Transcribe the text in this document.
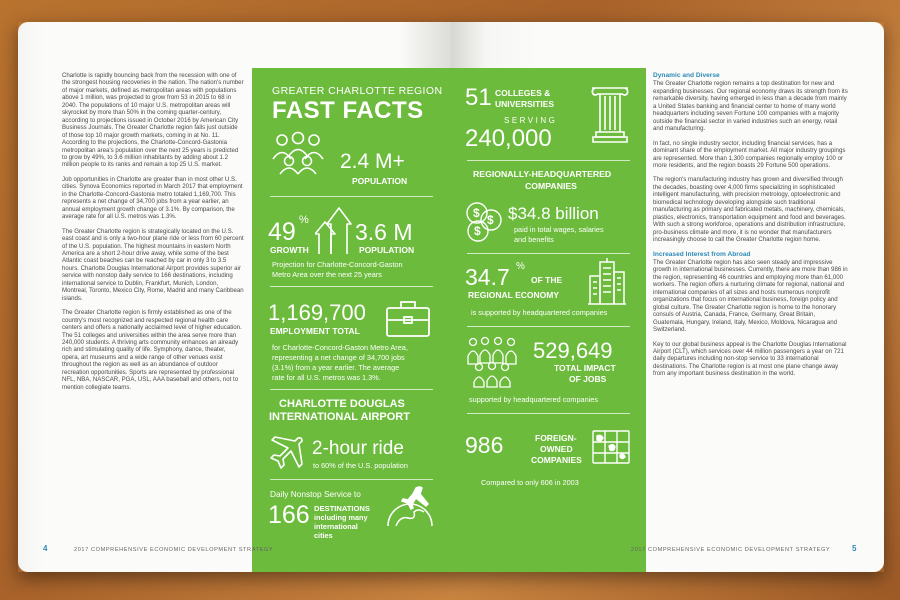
Charlotte is rapidly bouncing back from the recession with one of the strongest housing recoveries in the nation. The nation's number of major markets, defined as metropolitan areas with populations above 1 million, was projected to grow from 53 in 2015 to 68 in 2040. The populations of 10 major U.S. metropolitan areas will skyrocket by more than 50% in the coming quarter-century, according to projections issued in October 2016 by American City Business Journals. The Greater Charlotte region falls just outside of those top 10 major growth markets, coming in at No. 11. According to the projections, the Charlotte-Concord-Gastonia metropolitan area's population over the next 25 years is predicted to grow by 49%, to 3.6 million inhabitants by adding about 1.2 million people to its ranks and remain a top 25 U.S. market.

Job opportunities in Charlotte are greater than in most other U.S. cities. Synova Economics reported in March 2017 that employment in the Charlotte-Concord-Gastonia metro totaled 1,169,700. This represents a net change of 34,700 jobs from a year earlier, an annual employment growth change of 3.1%. By comparison, the average rate for all U.S. metros was 1.3%.

The Greater Charlotte region is strategically located on the U.S. east coast and is only a two-hour plane ride or less from 60 percent of the U.S. population. The highest mountains in eastern North America are a short 2-hour drive away, while some of the best Atlantic coast beaches can be reached by car in only 3 to 3.5 hours. Charlotte Douglas International Airport provides superior air service with nonstop daily service to 166 destinations, including international service to Dublin, Frankfurt, Munich, London, Montreal, Toronto, Mexico City, Rome, Madrid and many Caribbean islands.

The Greater Charlotte region is firmly established as one of the country's most recognized and respected regional health care centers and offers a nationally acclaimed level of higher education. The 51 colleges and universities within the area serve more than 240,000 students. A thriving arts community enhances an already rich and stimulating quality of life. Symphony, dance, theater, opera, art museums and a wide range of other venues exist throughout the region as well as an abundance of outdoor recreation opportunities. Sports are represented by professional NFL, NBA, NASCAR, PGA, USL, AAA baseball and others, not to mention collegiate teams.

GREATER CHARLOTTE REGION
FAST FACTS
2.4 M+
POPULATION
49 %
GROWTH
3.6 M
POPULATION
Projection for Charlotte-Concord-Gaston
Metro Area over the next 25 years
1,169,700
EMPLOYMENT TOTAL
for Charlotte-Concord-Gaston Metro Area,
representing a net change of 34,700 jobs
(3.1%) from a year earlier. The average
rate for all U.S. metros was 1.3%.
CHARLOTTE DOUGLAS
INTERNATIONAL AIRPORT
2-hour ride
to 60% of the U.S. population
Daily Nonstop Service to
166 DESTINATIONS
including many
international
cities
4	2017 COMPREHENSIVE ECONOMIC DEVELOPMENT STRATEGY
51 COLLEGES &
UNIVERSITIES
SERVING
240,000
REGIONALLY-HEADQUARTERED
COMPANIES
$ $
$
$34.8 billion
paid in total wages, salaries
and benefits
34.7 %
OF THE
REGIONAL ECONOMY
is supported by headquartered companies
529,649
TOTAL IMPACT
OF JOBS
supported by headquartered companies
986	FOREIGN-
OWNED
COMPANIES
Compared to only 606 in 2003
Dynamic and Diverse

The Greater Charlotte region remains a top destination for new and expanding businesses. Our regional economy draws its strength from its remarkable diversity, having emerged in less than a decade from mainly a United States banking and financial center to home of many world headquarters including seven Fortune 100 companies with a majority outside the financial sector in varied industries such an energy, retail and manufacturing.

In fact, no single industry sector, including financial services, has a dominant share of the employment market. All major industry groupings are represented. More than 1,300 companies regionally employ 100 or more residents, and the region boasts 29 Fortune 500 operations.

The region's manufacturing industry has grown and diversified through the decades, boasting over 4,000 firms specializing in sophisticated intelligent manufacturing, with precision metrology, optoelectronic and biomedical technology developing alongside such traditional manufacturing as primary and fabricated metals, machinery, chemicals, plastics, electronics, transportation equipment and food and beverages. With such a strong workforce, operations and distribution infrastructure, pro-business climate and more, it is no wonder that manufacturers increasingly choose to call the Greater Charlotte region home.

Increased Interest from Abroad

The Greater Charlotte region has also seen steady and impressive growth in international businesses. Currently, there are more than 986 in the region, representing 46 countries and employing more than 61,000 workers. The region offers a nurturing climate for regional, national and international companies of all sizes and hosts numerous nonprofit organizations that focus on international business, foreign policy and global culture. The Greater Charlotte region is home to the honorary consuls of Austria, Canada, France, Germany, Great Britain, Guatemala, Hungary, Ireland, Italy, Mexico, Moldova, Nicaragua and Switzerland.

Key to our global business appeal is the Charlotte Douglas International Airport (CLT), which services over 44 million passengers a year on 721 daily departures including non-stop service to 33 international destinations. The Charlotte region is at most one plane change away from any important business destination in the world.

2017 COMPREHENSIVE ECONOMIC DEVELOPMENT STRATEGY	5
